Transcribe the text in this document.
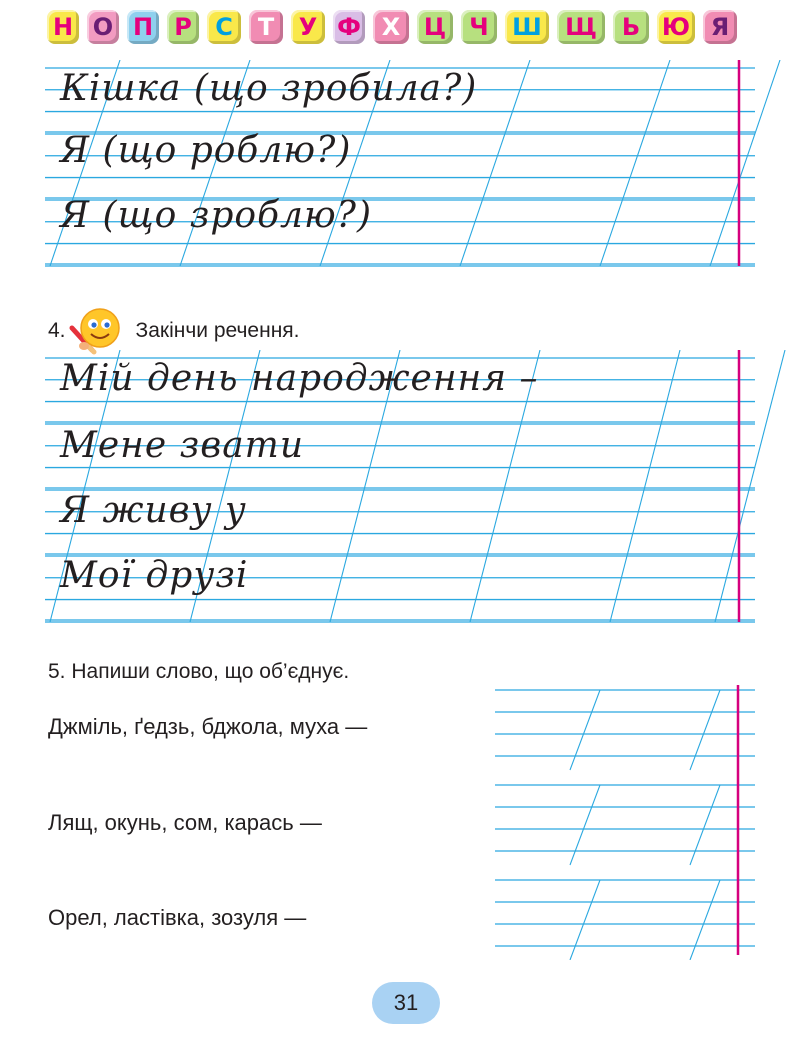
Н О П Р С	Т	У Ф Х Ц Ч Ш Щ	Ь Ю Я
Кішка (що зробила?)
Я (що роблю?)
Я (що зроблю?)
4.	Закінчи речення.
Мій день народження –
Мене звати
Я живу у
Мої друзі
5. Напиши слово, що об’єднує.
Джміль, ґедзь, бджола, муха —
Лящ, окунь, сом, карась —
Орел, ластівка, зозуля —
31
